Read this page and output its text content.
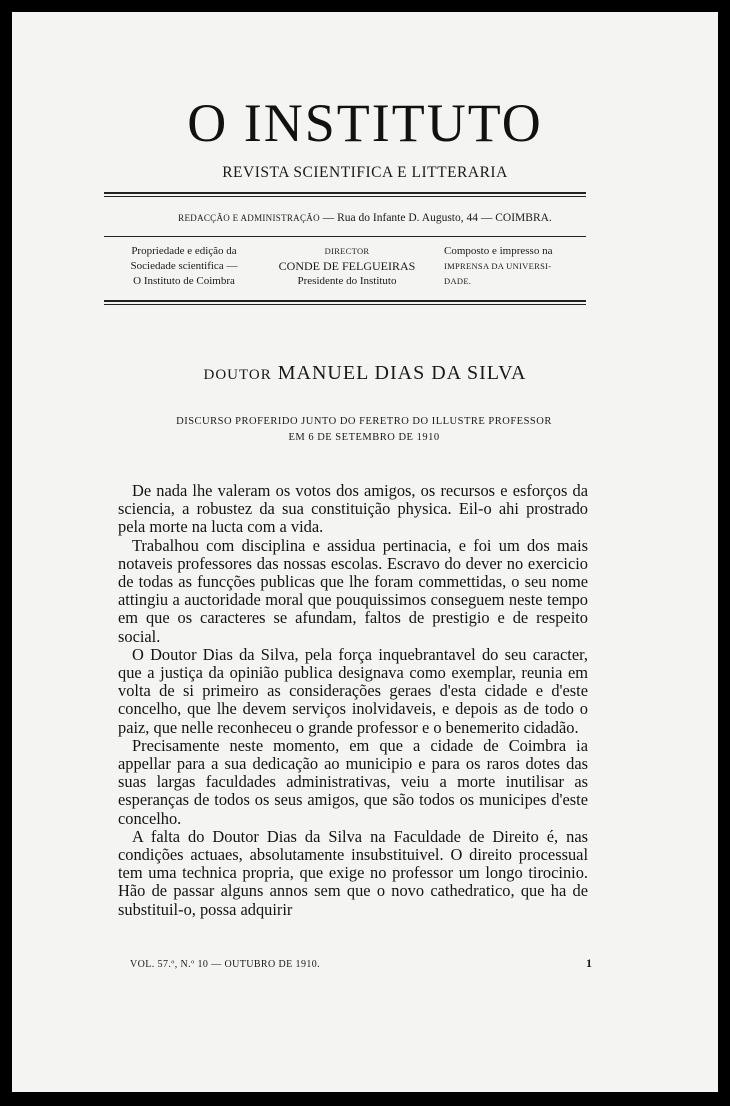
O INSTITUTO
REVISTA SCIENTIFICA E LITTERARIA
REDACÇÃO E ADMINISTRAÇÃO — Rua do Infante D. Augusto, 44 — COIMBRA.
Propriedade e edição da
Sociedade scientifica —
O Instituto de Coimbra
DIRECTOR
CONDE DE FELGUEIRAS
Presidente do Instituto
Composto e impresso na
IMPRENSA DA UNIVERSI-
DADE.
DOUTOR MANUEL DIAS DA SILVA
DISCURSO PROFERIDO JUNTO DO FERETRO DO ILLUSTRE PROFESSOR
EM 6 DE SETEMBRO DE 1910

De nada lhe valeram os votos dos amigos, os recursos e esforços da sciencia, a robustez da sua constituição physica. Eil-o ahi prostrado pela morte na lucta com a vida.

Trabalhou com disciplina e assidua pertinacia, e foi um dos mais notaveis professores das nossas escolas. Escravo do dever no exercicio de todas as funcções publicas que lhe foram commettidas, o seu nome attingiu a auctoridade moral que pouquissimos conseguem neste tempo em que os caracteres se afundam, faltos de prestigio e de respeito social.

O Doutor Dias da Silva, pela força inquebrantavel do seu caracter, que a justiça da opinião publica designava como exemplar, reunia em volta de si primeiro as considerações geraes d'esta cidade e d'este concelho, que lhe devem serviços inolvidaveis, e depois as de todo o paiz, que nelle reconheceu o grande professor e o benemerito cidadão.

Precisamente neste momento, em que a cidade de Coimbra ia appellar para a sua dedicação ao municipio e para os raros dotes das suas largas faculdades administrativas, veiu a morte inutilisar as esperanças de todos os seus amigos, que são todos os municipes d'este concelho.

A falta do Doutor Dias da Silva na Faculdade de Direito é, nas condições actuaes, absolutamente insubstituivel. O direito processual tem uma technica propria, que exige no professor um longo tirocinio. Hão de passar alguns annos sem que o novo cathedratico, que ha de substituil-o, possa adquirir

VOL. 57.º, N.º 10 — OUTUBRO DE 1910.	1
